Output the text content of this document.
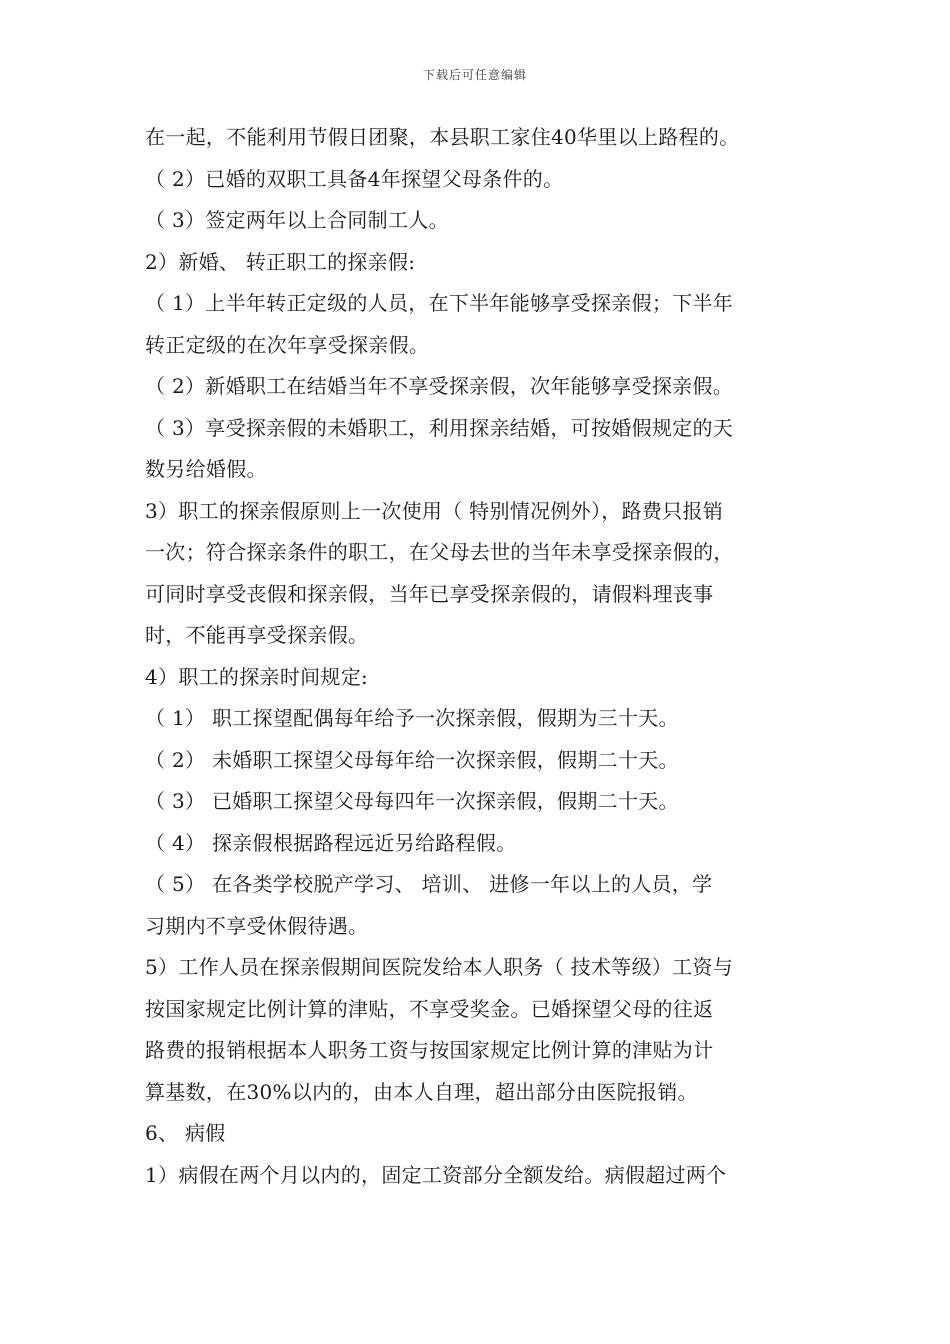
下载后可任意编辑
在一起，不能利用节假日团聚，本县职工家住40华里以上路程的。
（ 2）已婚的双职工具备4年探望父母条件的。
（ 3）签定两年以上合同制工人。
2）新婚、 转正职工的探亲假:
（ 1）上半年转正定级的人员，在下半年能够享受探亲假；下半年
转正定级的在次年享受探亲假。
（ 2）新婚职工在结婚当年不享受探亲假，次年能够享受探亲假。
（ 3）享受探亲假的未婚职工，利用探亲结婚，可按婚假规定的天
数另给婚假。
3）职工的探亲假原则上一次使用（ 特别情况例外），路费只报销
一次；符合探亲条件的职工，在父母去世的当年未享受探亲假的，
可同时享受丧假和探亲假，当年已享受探亲假的，请假料理丧事
时，不能再享受探亲假。
4）职工的探亲时间规定:
（ 1） 职工探望配偶每年给予一次探亲假，假期为三十天。
（ 2） 未婚职工探望父母每年给一次探亲假，假期二十天。
（ 3） 已婚职工探望父母每四年一次探亲假，假期二十天。
（ 4） 探亲假根据路程远近另给路程假。
（ 5） 在各类学校脱产学习、 培训、 进修一年以上的人员，学
习期内不享受休假待遇。
5）工作人员在探亲假期间医院发给本人职务（ 技术等级）工资与
按国家规定比例计算的津贴，不享受奖金。已婚探望父母的往返
路费的报销根据本人职务工资与按国家规定比例计算的津贴为计
算基数，在30%以内的，由本人自理，超出部分由医院报销。
6、 病假
1）病假在两个月以内的，固定工资部分全额发给。病假超过两个
